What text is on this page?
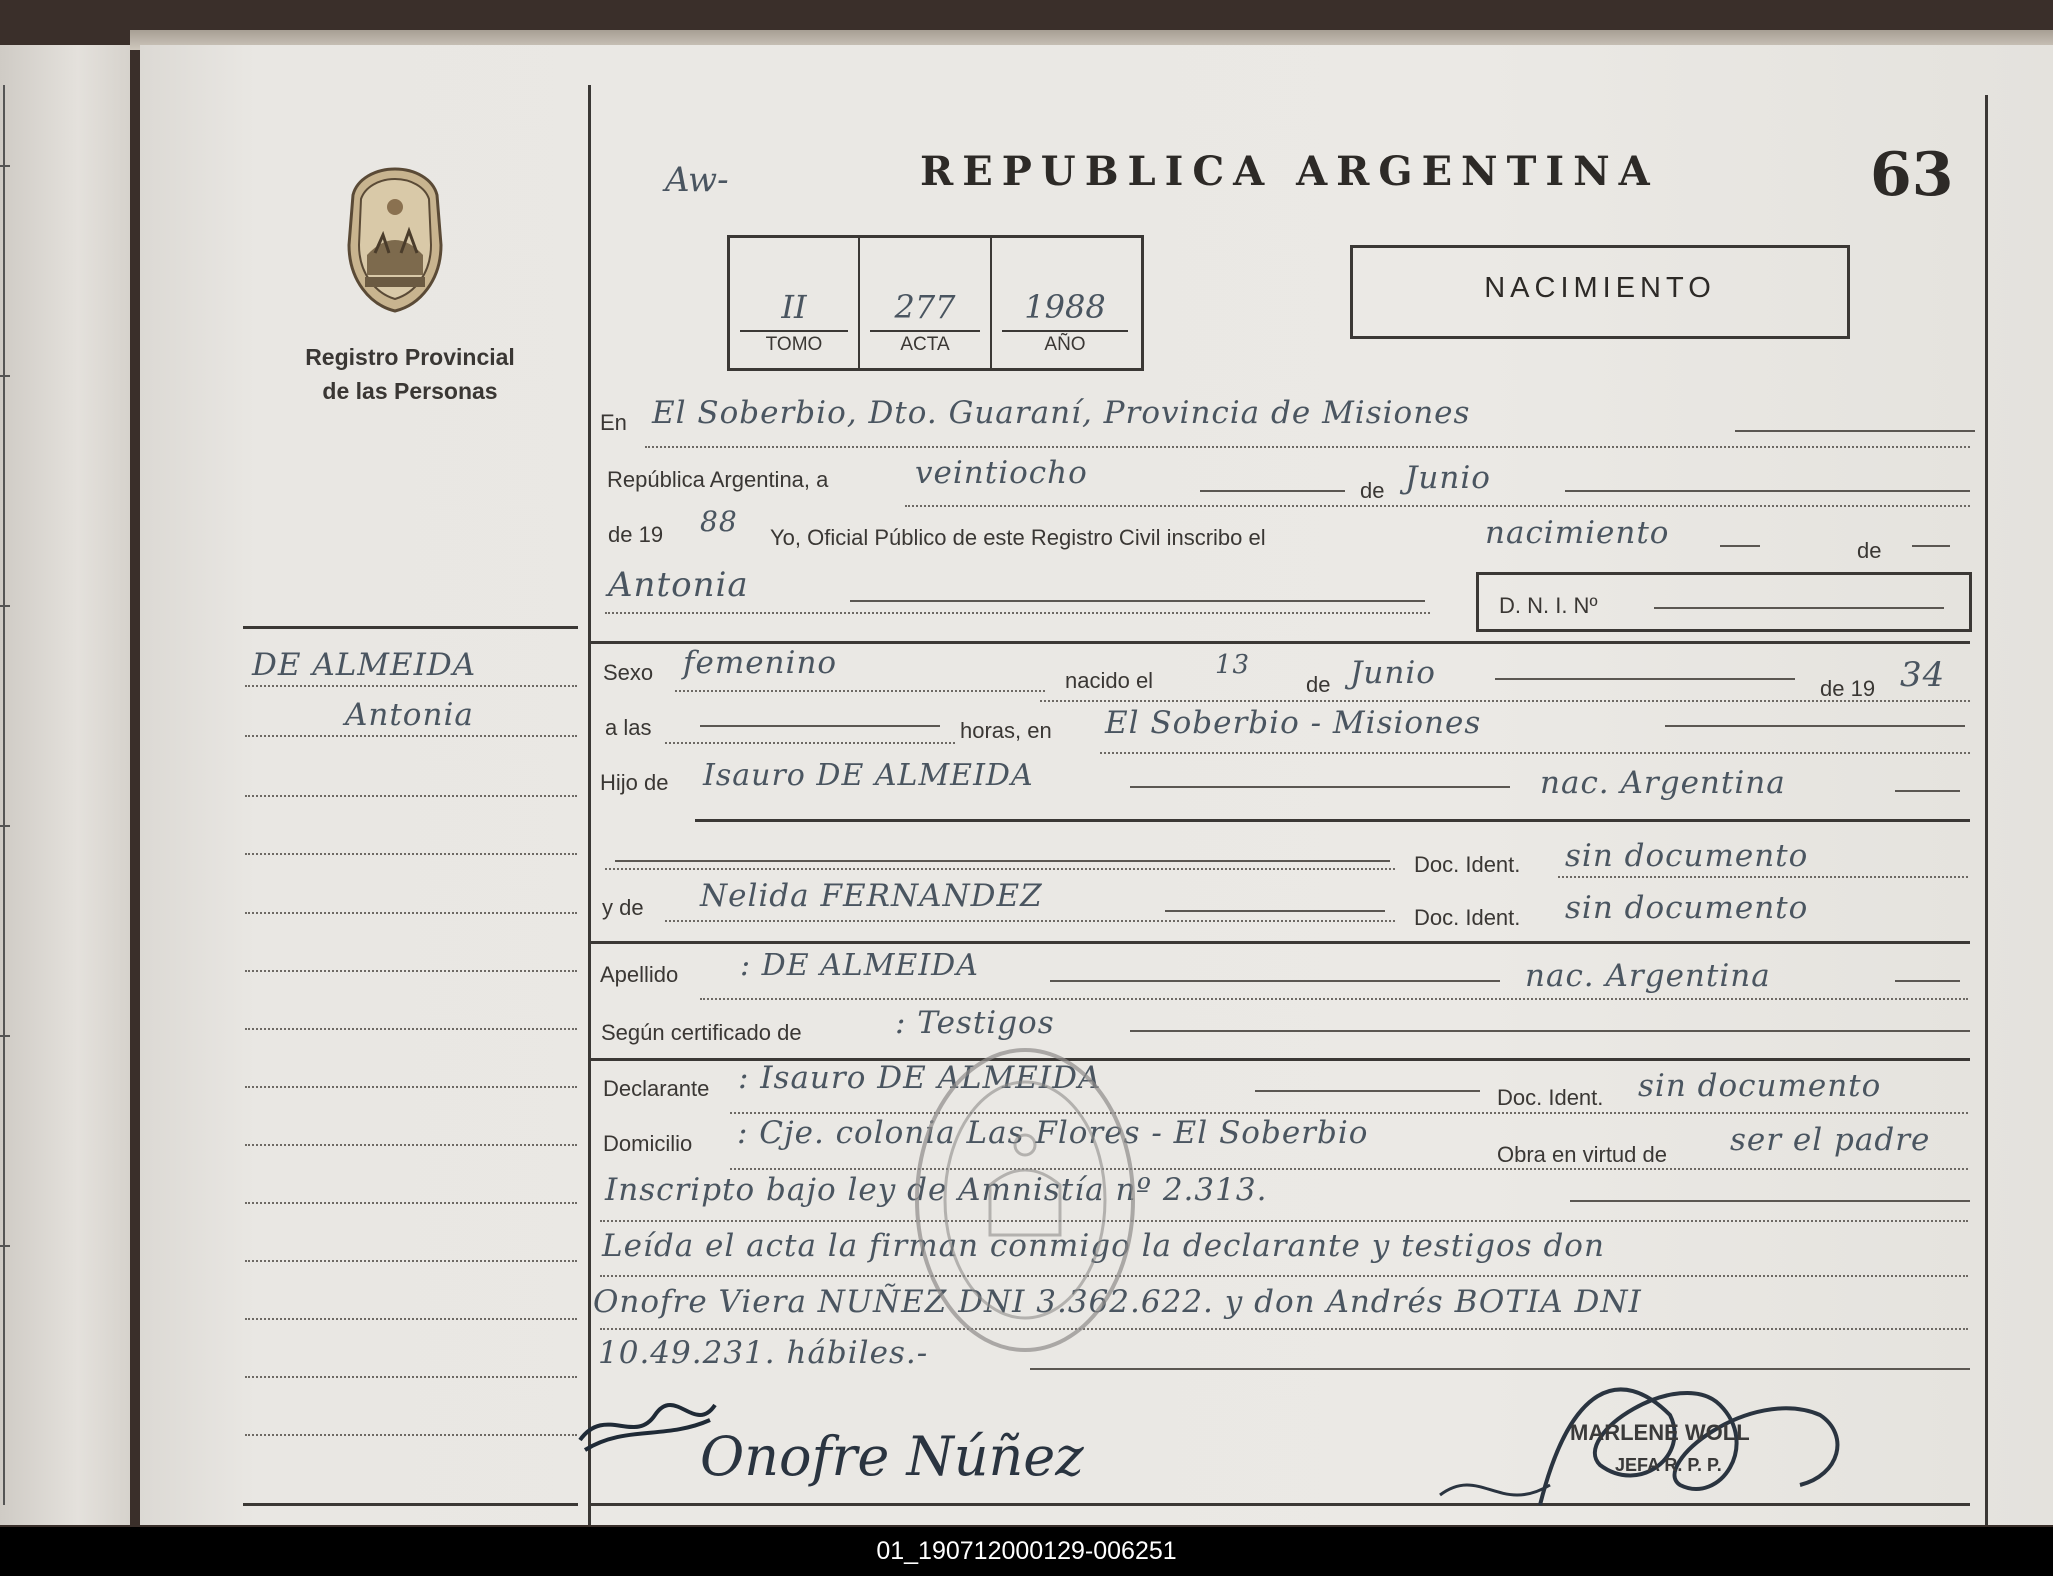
Registro Provincial
de las Personas
DE ALMEIDA
Antonia
Aw-	REPUBLICA ARGENTINA	63
II
TOMO
277
ACTA
1988
AÑO
NACIMIENTO
En El Soberbio, Dto. Guaraní, Provincia de Misiones
República Argentina, a	veintiocho	de Junio
de 19 88 Yo, Oficial Público de este Registro Civil inscribo el	nacimiento	de
Antonia
D. N. I. Nº
Sexo femenino	nacido el
13
de Junio	de 19 34
a las	horas, en El Soberbio - Misiones
Hijo de Isauro DE ALMEIDA	nac. Argentina
Doc. Ident. sin documento
y de Nelida FERNANDEZ
Doc. Ident. sin documento
Apellido : DE ALMEIDA	nac. Argentina
Según certificado de	: Testigos
Declarante : Isauro DE ALMEIDA
Doc. Ident. sin documento
Domicilio : Cje. colonia Las Flores - El Soberbio
Obra en virtud de ser el padre
Inscripto bajo ley de Amnistía nº 2.313.
Leída el acta la firman conmigo la declarante y testigos don
Onofre Viera NUÑEZ DNI 3.362.622. y don Andrés BOTIA DNI
10.49.231. hábiles.-
Onofre Núñez	MARLENE WOLL
JEFA R. P. P.
01_190712000129-006251
